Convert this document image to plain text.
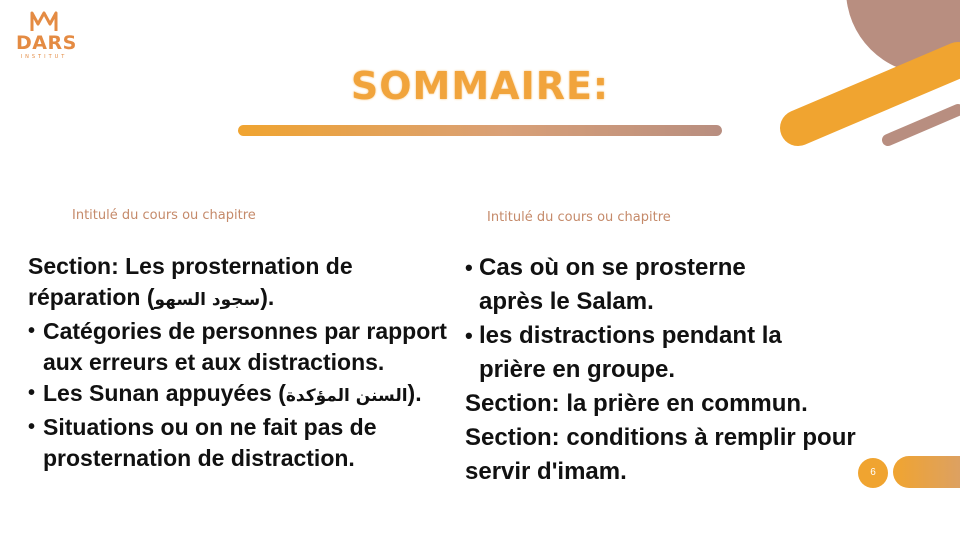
DARS
INSTITUT
SOMMAIRE:
Intitulé du cours ou chapitre	Intitulé du cours ou chapitre
Section: Les prosternation de
réparation (سجود السهو).
• Catégories de personnes par rapport aux erreurs et aux distractions.
• Les Sunan appuyées (السنن المؤكدة).
• Situations ou on ne fait pas de prosternation de distraction.
• Cas où on se prosterne après le Salam.
• les distractions pendant la prière en groupe.
Section: la prière en commun.
Section: conditions à remplir pour servir d'imam.	6
